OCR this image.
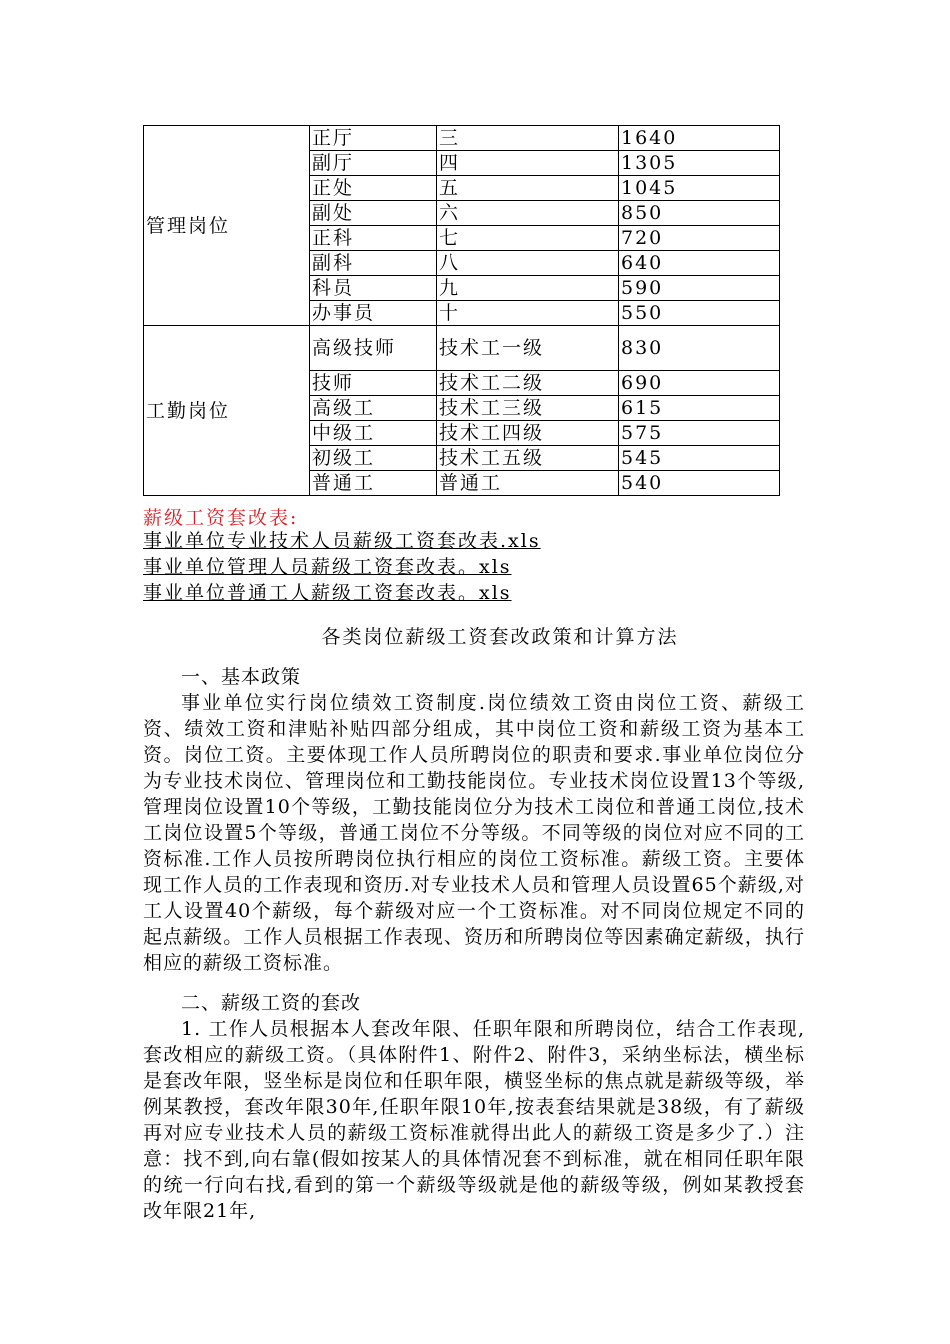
管理岗位	正厅	三	1640
	副厅	四	1305
	正处	五	1045
	副处	六	850
	正科	七	720
	副科	八	640
	科员	九	590
	办事员	十	550
工勤岗位	高级技师	技术工一级	830
	技师	技术工二级	690
	高级工	技术工三级	615
	中级工	技术工四级	575
	初级工	技术工五级	545
	普通工	普通工	540
薪级工资套改表:
事业单位专业技术人员薪级工资套改表.xls
事业单位管理人员薪级工资套改表。xls
事业单位普通工人薪级工资套改表。xls
各类岗位薪级工资套改政策和计算方法
一、基本政策

事业单位实行岗位绩效工资制度.岗位绩效工资由岗位工资、薪级工资、绩效工资和津贴补贴四部分组成，其中岗位工资和薪级工资为基本工资。岗位工资。主要体现工作人员所聘岗位的职责和要求.事业单位岗位分为专业技术岗位、管理岗位和工勤技能岗位。专业技术岗位设置13个等级,管理岗位设置10个等级，工勤技能岗位分为技术工岗位和普通工岗位,技术工岗位设置5个等级，普通工岗位不分等级。不同等级的岗位对应不同的工资标准.工作人员按所聘岗位执行相应的岗位工资标准。薪级工资。主要体现工作人员的工作表现和资历.对专业技术人员和管理人员设置65个薪级,对工人设置40个薪级，每个薪级对应一个工资标准。对不同岗位规定不同的起点薪级。工作人员根据工作表现、资历和所聘岗位等因素确定薪级，执行相应的薪级工资标准。

二、薪级工资的套改

1. 工作人员根据本人套改年限、任职年限和所聘岗位，结合工作表现,套改相应的薪级工资。（具体附件1、附件2、附件3，采纳坐标法，横坐标是套改年限，竖坐标是岗位和任职年限，横竖坐标的焦点就是薪级等级，举例某教授，套改年限30年,任职年限10年,按表套结果就是38级，有了薪级再对应专业技术人员的薪级工资标准就得出此人的薪级工资是多少了.）注意：找不到,向右靠(假如按某人的具体情况套不到标准，就在相同任职年限的统一行向右找,看到的第一个薪级等级就是他的薪级等级，例如某教授套改年限21年,
